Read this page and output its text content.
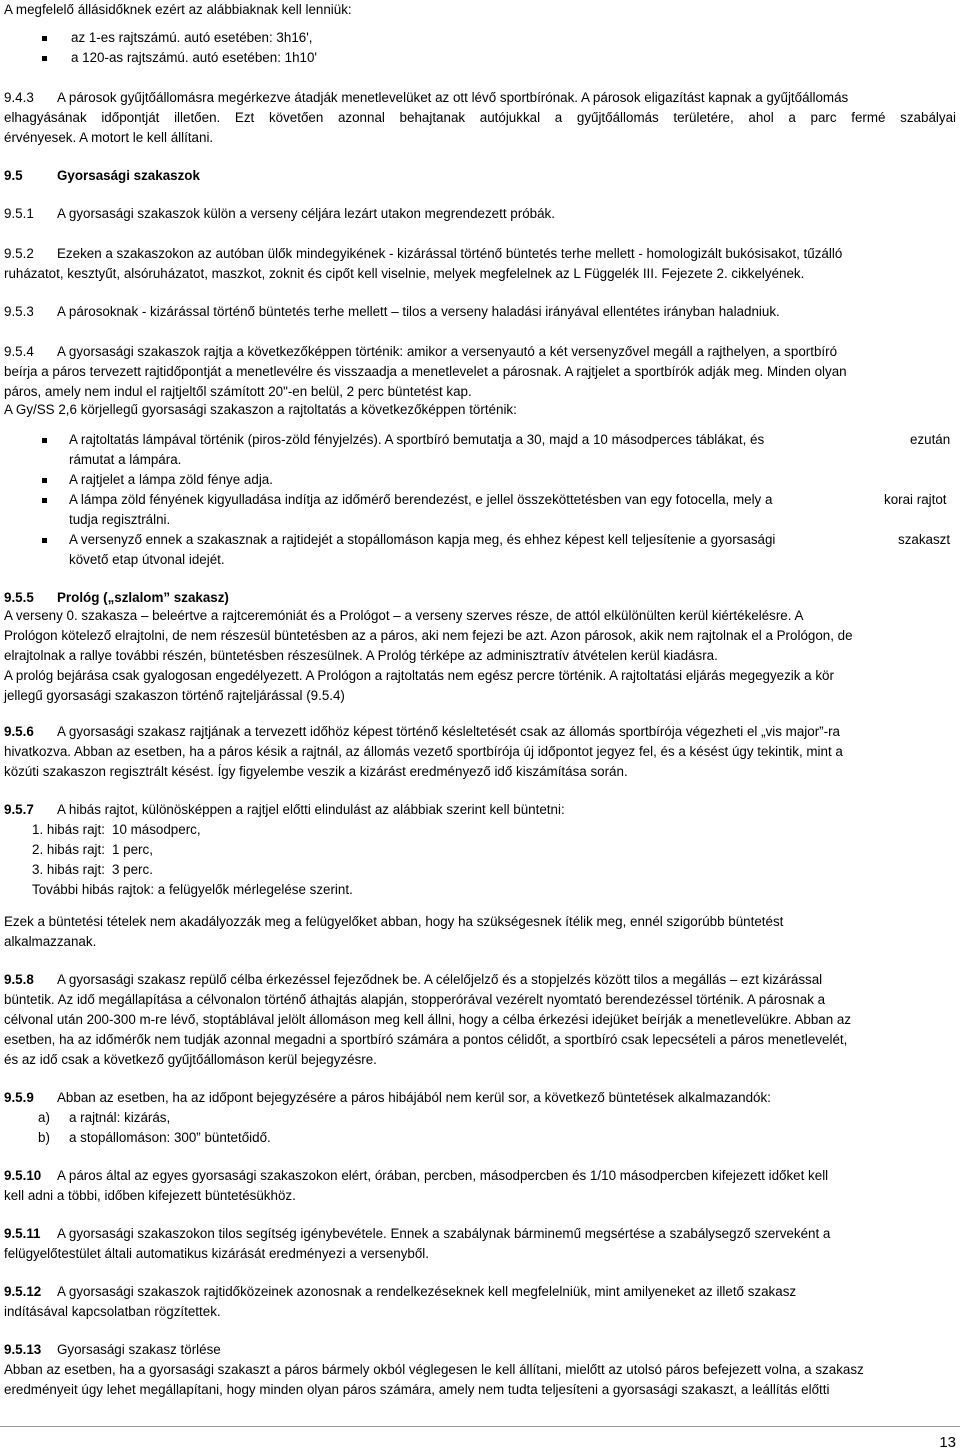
A megfelelő állásidőknek ezért az alábbiaknak kell lenniük:
az 1-es rajtszámú. autó esetében: 3h16',
a 120-as rajtszámú. autó esetében: 1h10'
9.4.3 A párosok gyűjtőállomásra megérkezve átadják menetlevelüket az ott lévő sportbírónak. A párosok eligazítást kapnak a gyűjtőállomás
elhagyásának időpontját illetően. Ezt követően azonnal behajtanak autójukkal a gyűjtőállomás területére, ahol a parc fermé szabályai
érvényesek. A motort le kell állítani.
9.5	Gyorsasági szakaszok
9.5.1 A gyorsasági szakaszok külön a verseny céljára lezárt utakon megrendezett próbák.
9.5.2 Ezeken a szakaszokon az autóban ülők mindegyikének - kizárással történő büntetés terhe mellett - homologizált bukósisakot, tűzálló
ruházatot, kesztyűt, alsóruházatot, maszkot, zoknit és cipőt kell viselnie, melyek megfelelnek az L Függelék III. Fejezete 2. cikkelyének.
9.5.3 A párosoknak - kizárással történő büntetés terhe mellett – tilos a verseny haladási irányával ellentétes irányban haladniuk.
9.5.4 A gyorsasági szakaszok rajtja a következőképpen történik: amikor a versenyautó a két versenyzővel megáll a rajthelyen, a sportbíró
beírja a páros tervezett rajtidőpontját a menetlevélre és visszaadja a menetlevelet a párosnak. A rajtjelet a sportbírók adják meg. Minden olyan
páros, amely nem indul el rajtjeltől számított 20"-en belül, 2 perc büntetést kap.
A Gy/SS 2,6 körjellegű gyorsasági szakaszon a rajtoltatás a következőképpen történik:
A rajtoltatás lámpával történik (piros-zöld fényjelzés). A sportbíró bemutatja a 30, majd a 10 másodperces táblákat, és	ezután
rámutat a lámpára.
A rajtjelet a lámpa zöld fénye adja.
A lámpa zöld fényének kigyulladása indítja az időmérő berendezést, e jellel összeköttetésben van egy fotocella, mely a	korai rajtot
tudja regisztrálni.
A versenyző ennek a szakasznak a rajtidejét a stopállomáson kapja meg, és ehhez képest kell teljesítenie a gyorsasági	szakaszt
követő etap útvonal idejét.
9.5.5 Prológ („szlalom” szakasz)
A verseny 0. szakasza – beleértve a rajtceremóniát és a Prológot – a verseny szerves része, de attól elkülönülten kerül kiértékelésre. A
Prológon kötelező elrajtolni, de nem részesül büntetésben az a páros, aki nem fejezi be azt. Azon párosok, akik nem rajtolnak el a Prológon, de
elrajtolnak a rallye további részén, büntetésben részesülnek. A Prológ térképe az adminisztratív átvételen kerül kiadásra.
A prológ bejárása csak gyalogosan engedélyezett. A Prológon a rajtoltatás nem egész percre történik. A rajtoltatási eljárás megegyezik a kör
jellegű gyorsasági szakaszon történő rajteljárással (9.5.4)
9.5.6 A gyorsasági szakasz rajtjának a tervezett időhöz képest történő késleltetését csak az állomás sportbírója végezheti el „vis major”-ra
hivatkozva. Abban az esetben, ha a páros késik a rajtnál, az állomás vezető sportbírója új időpontot jegyez fel, és a késést úgy tekintik, mint a
közúti szakaszon regisztrált késést. Így figyelembe veszik a kizárást eredményező idő kiszámítása során.
9.5.7 A hibás rajtot, különösképpen a rajtjel előtti elindulást az alábbiak szerint kell büntetni:
1. hibás rajt: 10 másodperc,
2. hibás rajt: 1 perc,
3. hibás rajt: 3 perc.
További hibás rajtok: a felügyelők mérlegelése szerint.
Ezek a büntetési tételek nem akadályozzák meg a felügyelőket abban, hogy ha szükségesnek ítélik meg, ennél szigorúbb büntetést
alkalmazzanak.
9.5.8 A gyorsasági szakasz repülő célba érkezéssel fejeződnek be. A célelőjelző és a stopjelzés között tilos a megállás – ezt kizárással
büntetik. Az idő megállapítása a célvonalon történő áthajtás alapján, stopperórával vezérelt nyomtató berendezéssel történik. A párosnak a
célvonal után 200-300 m-re lévő, stoptáblával jelölt állomáson meg kell állni, hogy a célba érkezési idejüket beírják a menetlevelükre. Abban az
esetben, ha az időmérők nem tudják azonnal megadni a sportbíró számára a pontos célidőt, a sportbíró csak lepecsételi a páros menetlevelét,
és az idő csak a következő gyűjtőállomáson kerül bejegyzésre.
9.5.9 Abban az esetben, ha az időpont bejegyzésére a páros hibájából nem kerül sor, a következő büntetések alkalmazandók:
a) a rajtnál: kizárás,
b) a stopállomáson: 300” büntetőidő.
9.5.10 A páros által az egyes gyorsasági szakaszokon elért, órában, percben, másodpercben és 1/10 másodpercben kifejezett időket kell
kell adni a többi, időben kifejezett büntetésükhöz.
9.5.11 A gyorsasági szakaszokon tilos segítség igénybevétele. Ennek a szabálynak bárminemű megsértése a szabálysegző szerveként a
felügyelőtestület általi automatikus kizárását eredményezi a versenyből.
9.5.12 A gyorsasági szakaszok rajtidőközeinek azonosnak a rendelkezéseknek kell megfelelniük, mint amilyeneket az illető szakasz
indításával kapcsolatban rögzítettek.
9.5.13 Gyorsasági szakasz törlése
Abban az esetben, ha a gyorsasági szakaszt a páros bármely okból véglegesen le kell állítani, mielőtt az utolsó páros befejezett volna, a szakasz
eredményeit úgy lehet megállapítani, hogy minden olyan páros számára, amely nem tudta teljesíteni a gyorsasági szakaszt, a leállítás előtti
13
